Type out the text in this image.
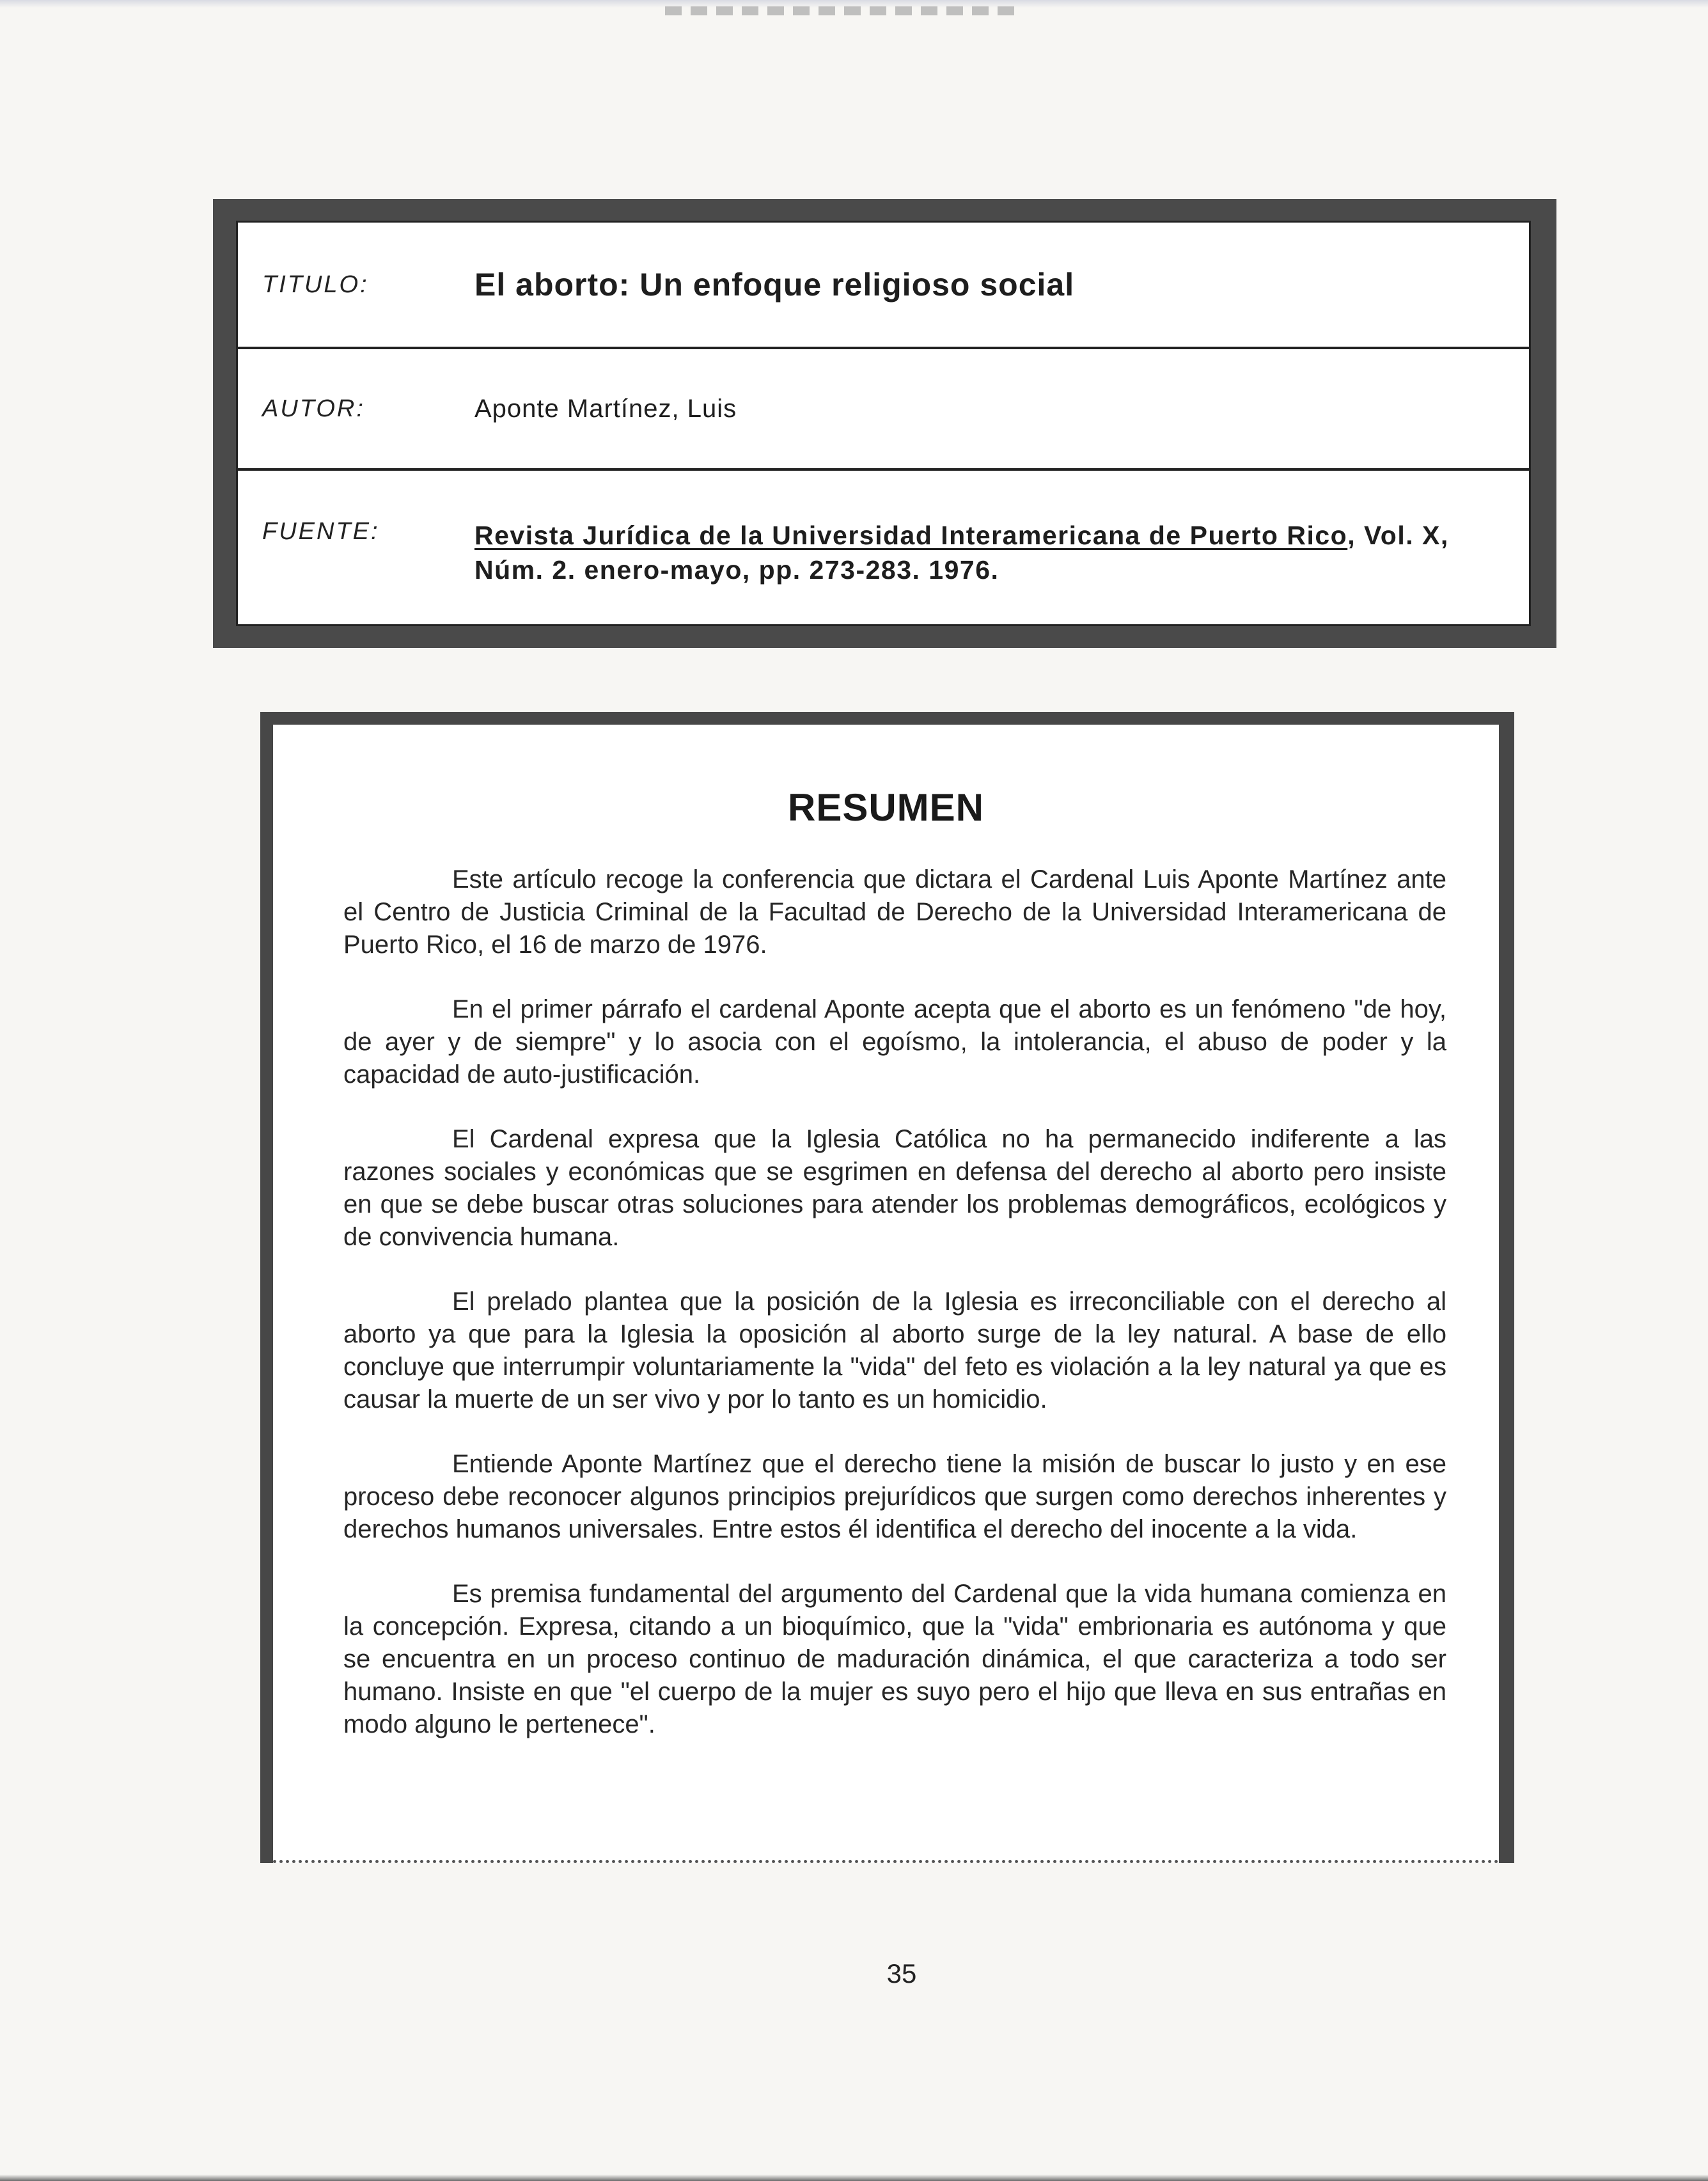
TITULO:	El aborto: Un enfoque religioso social
AUTOR:	Aponte Martínez, Luis
FUENTE:	Revista Jurídica de la Universidad Interamericana de Puerto Rico, Vol. X,
Núm. 2. enero-mayo, pp. 273-283. 1976.
RESUMEN

Este artículo recoge la conferencia que dictara el Cardenal Luis Aponte Martínez ante el Centro de Justicia Criminal de la Facultad de Derecho de la Universidad Interamericana de Puerto Rico, el 16 de marzo de 1976.

En el primer párrafo el cardenal Aponte acepta que el aborto es un fenómeno "de hoy, de ayer y de siempre" y lo asocia con el egoísmo, la intolerancia, el abuso de poder y la capacidad de auto-justificación.

El Cardenal expresa que la Iglesia Católica no ha permanecido indiferente a las razones sociales y económicas que se esgrimen en defensa del derecho al aborto pero insiste en que se debe buscar otras soluciones para atender los problemas demográficos, ecológicos y de convivencia humana.

El prelado plantea que la posición de la Iglesia es irreconciliable con el derecho al aborto ya que para la Iglesia la oposición al aborto surge de la ley natural. A base de ello concluye que interrumpir voluntariamente la "vida" del feto es violación a la ley natural ya que es causar la muerte de un ser vivo y por lo tanto es un homicidio.

Entiende Aponte Martínez que el derecho tiene la misión de buscar lo justo y en ese proceso debe reconocer algunos principios prejurídicos que surgen como derechos inherentes y derechos humanos universales. Entre estos él identifica el derecho del inocente a la vida.

Es premisa fundamental del argumento del Cardenal que la vida humana comienza en la concepción. Expresa, citando a un bioquímico, que la "vida" embrionaria es autónoma y que se encuentra en un proceso continuo de maduración dinámica, el que caracteriza a todo ser humano. Insiste en que "el cuerpo de la mujer es suyo pero el hijo que lleva en sus entrañas en modo alguno le pertenece".

35
